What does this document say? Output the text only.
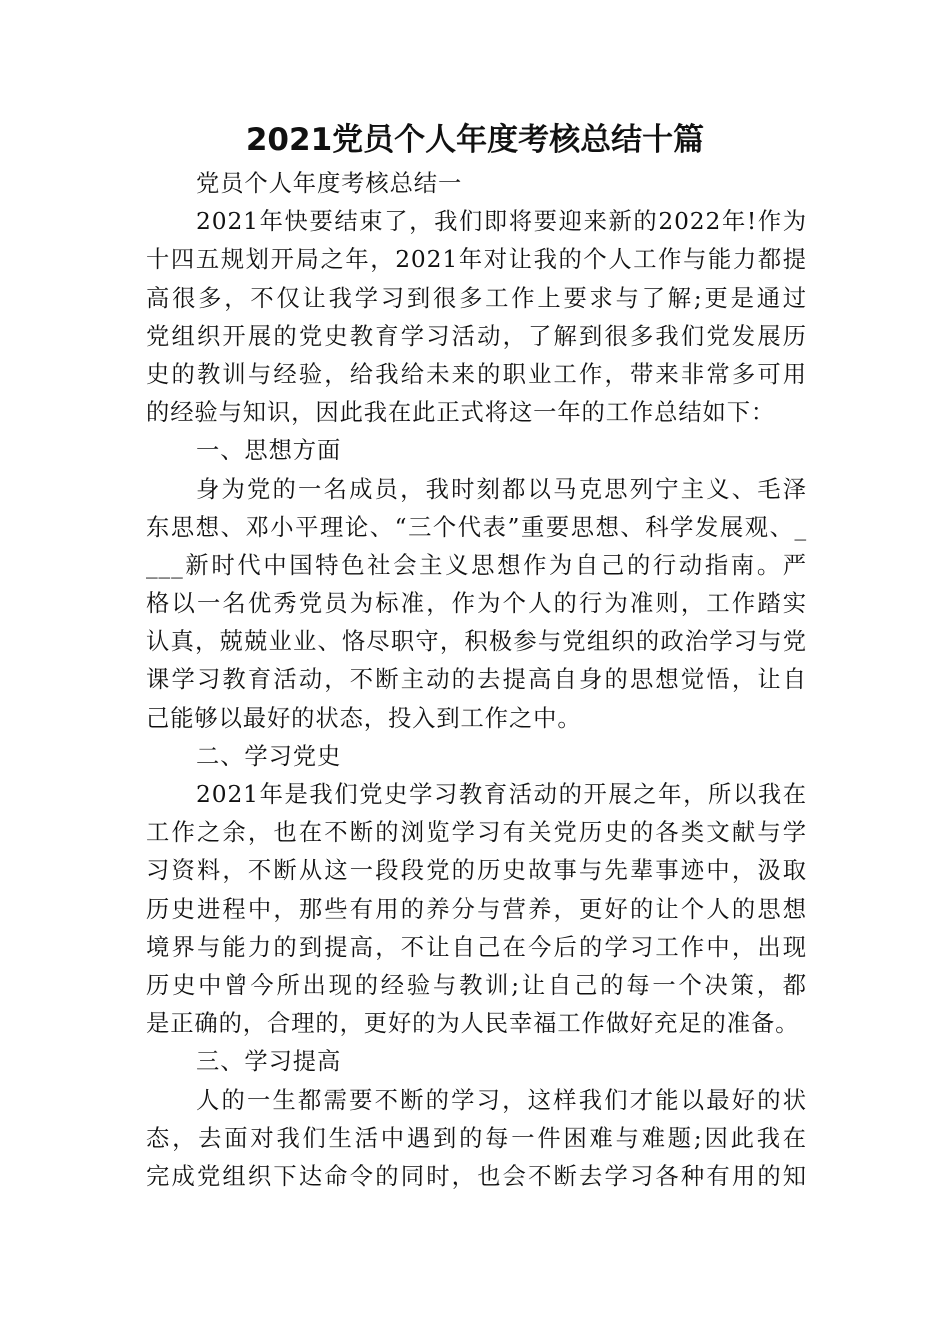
2021党员个人年度考核总结十篇
党员个人年度考核总结一
2021年快要结束了，我们即将要迎来新的2022年!作为
十四五规划开局之年，2021年对让我的个人工作与能力都提
高很多，不仅让我学习到很多工作上要求与了解;更是通过
党组织开展的党史教育学习活动，了解到很多我们党发展历
史的教训与经验，给我给未来的职业工作，带来非常多可用
的经验与知识，因此我在此正式将这一年的工作总结如下：
一、思想方面
身为党的一名成员，我时刻都以马克思列宁主义、毛泽
东思想、邓小平理论、“三个代表”重要思想、科学发展观、_
___新时代中国特色社会主义思想作为自己的行动指南。严
格以一名优秀党员为标准，作为个人的行为准则，工作踏实
认真，兢兢业业、恪尽职守，积极参与党组织的政治学习与党
课学习教育活动，不断主动的去提高自身的思想觉悟，让自
己能够以最好的状态，投入到工作之中。
二、学习党史
2021年是我们党史学习教育活动的开展之年，所以我在
工作之余，也在不断的浏览学习有关党历史的各类文献与学
习资料，不断从这一段段党的历史故事与先辈事迹中，汲取
历史进程中，那些有用的养分与营养，更好的让个人的思想
境界与能力的到提高，不让自己在今后的学习工作中，出现
历史中曾今所出现的经验与教训;让自己的每一个决策，都
是正确的，合理的，更好的为人民幸福工作做好充足的准备。
三、学习提高
人的一生都需要不断的学习，这样我们才能以最好的状
态，去面对我们生活中遇到的每一件困难与难题;因此我在
完成党组织下达命令的同时，也会不断去学习各种有用的知
